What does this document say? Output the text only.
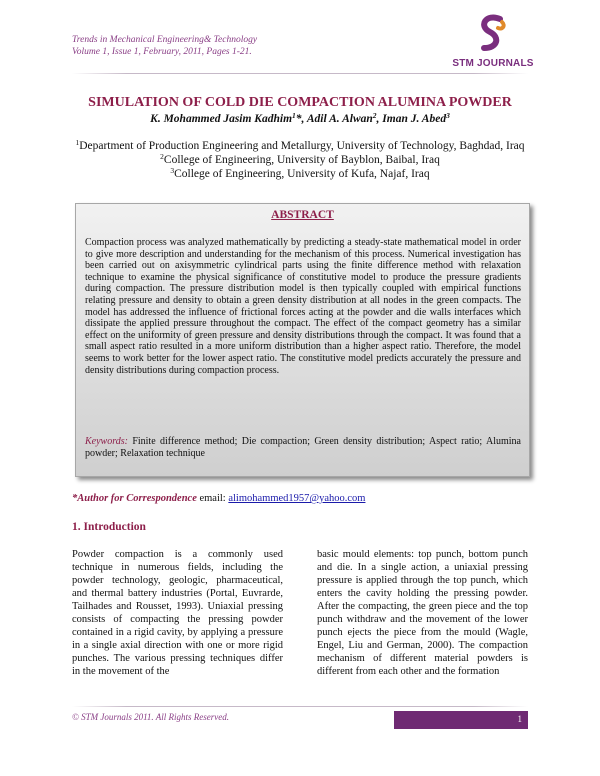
Trends in Mechanical Engineering& Technology
Volume 1, Issue 1, February, 2011, Pages 1-21.
STM JOURNALS
SIMULATION OF COLD DIE COMPACTION ALUMINA POWDER
K. Mohammed Jasim Kadhim$^1$*, Adil A. Alwan$^2$, Iman J. Abed$^3$
$^1$Department of Production Engineering and Metallurgy, University of Technology, Baghdad, Iraq
$^2$College of Engineering, University of Bayblon, Baibal, Iraq
$^3$College of Engineering, University of Kufa, Najaf, Iraq
ABSTRACT
Compaction process was analyzed mathematically by predicting a steady-state mathematical model in order to give more description and understanding for the mechanism of this process. Numerical investigation has been carried out on axisymmetric cylindrical parts using the finite difference method with relaxation technique to examine the physical significance of constitutive model to produce the pressure gradients during compaction. The pressure distribution model is then typically coupled with empirical functions relating pressure and density to obtain a green density distribution at all nodes in the green compacts. The model has addressed the influence of frictional forces acting at the powder and die walls interfaces which dissipate the applied pressure throughout the compact. The effect of the compact geometry has a similar effect on the uniformity of green pressure and density distributions through the compact. It was found that a small aspect ratio resulted in a more uniform distribution than a higher aspect ratio. Therefore, the model seems to work better for the lower aspect ratio. The constitutive model predicts accurately the pressure and density distributions during compaction process.
Keywords: Finite difference method; Die compaction; Green density distribution; Aspect ratio; Alumina powder; Relaxation technique
*Author for Correspondence email: alimohammed1957@yahoo.com
1. Introduction
Powder compaction is a commonly used technique in numerous fields, including the powder technology, geologic, pharmaceutical, and thermal battery industries (Portal, Euvrarde, Tailhades and Rousset, 1993). Uniaxial pressing consists of compacting the pressing powder contained in a rigid cavity, by applying a pressure in a single axial direction with one or more rigid punches. The various pressing techniques differ in the movement of the
basic mould elements: top punch, bottom punch and die. In a single action, a uniaxial pressing pressure is applied through the top punch, which enters the cavity holding the pressing powder. After the compacting, the green piece and the top punch withdraw and the movement of the lower punch ejects the piece from the mould (Wagle, Engel, Liu and German, 2000). The compaction mechanism of different material powders is different from each other and the formation
© STM Journals 2011. All Rights Reserved.	1
